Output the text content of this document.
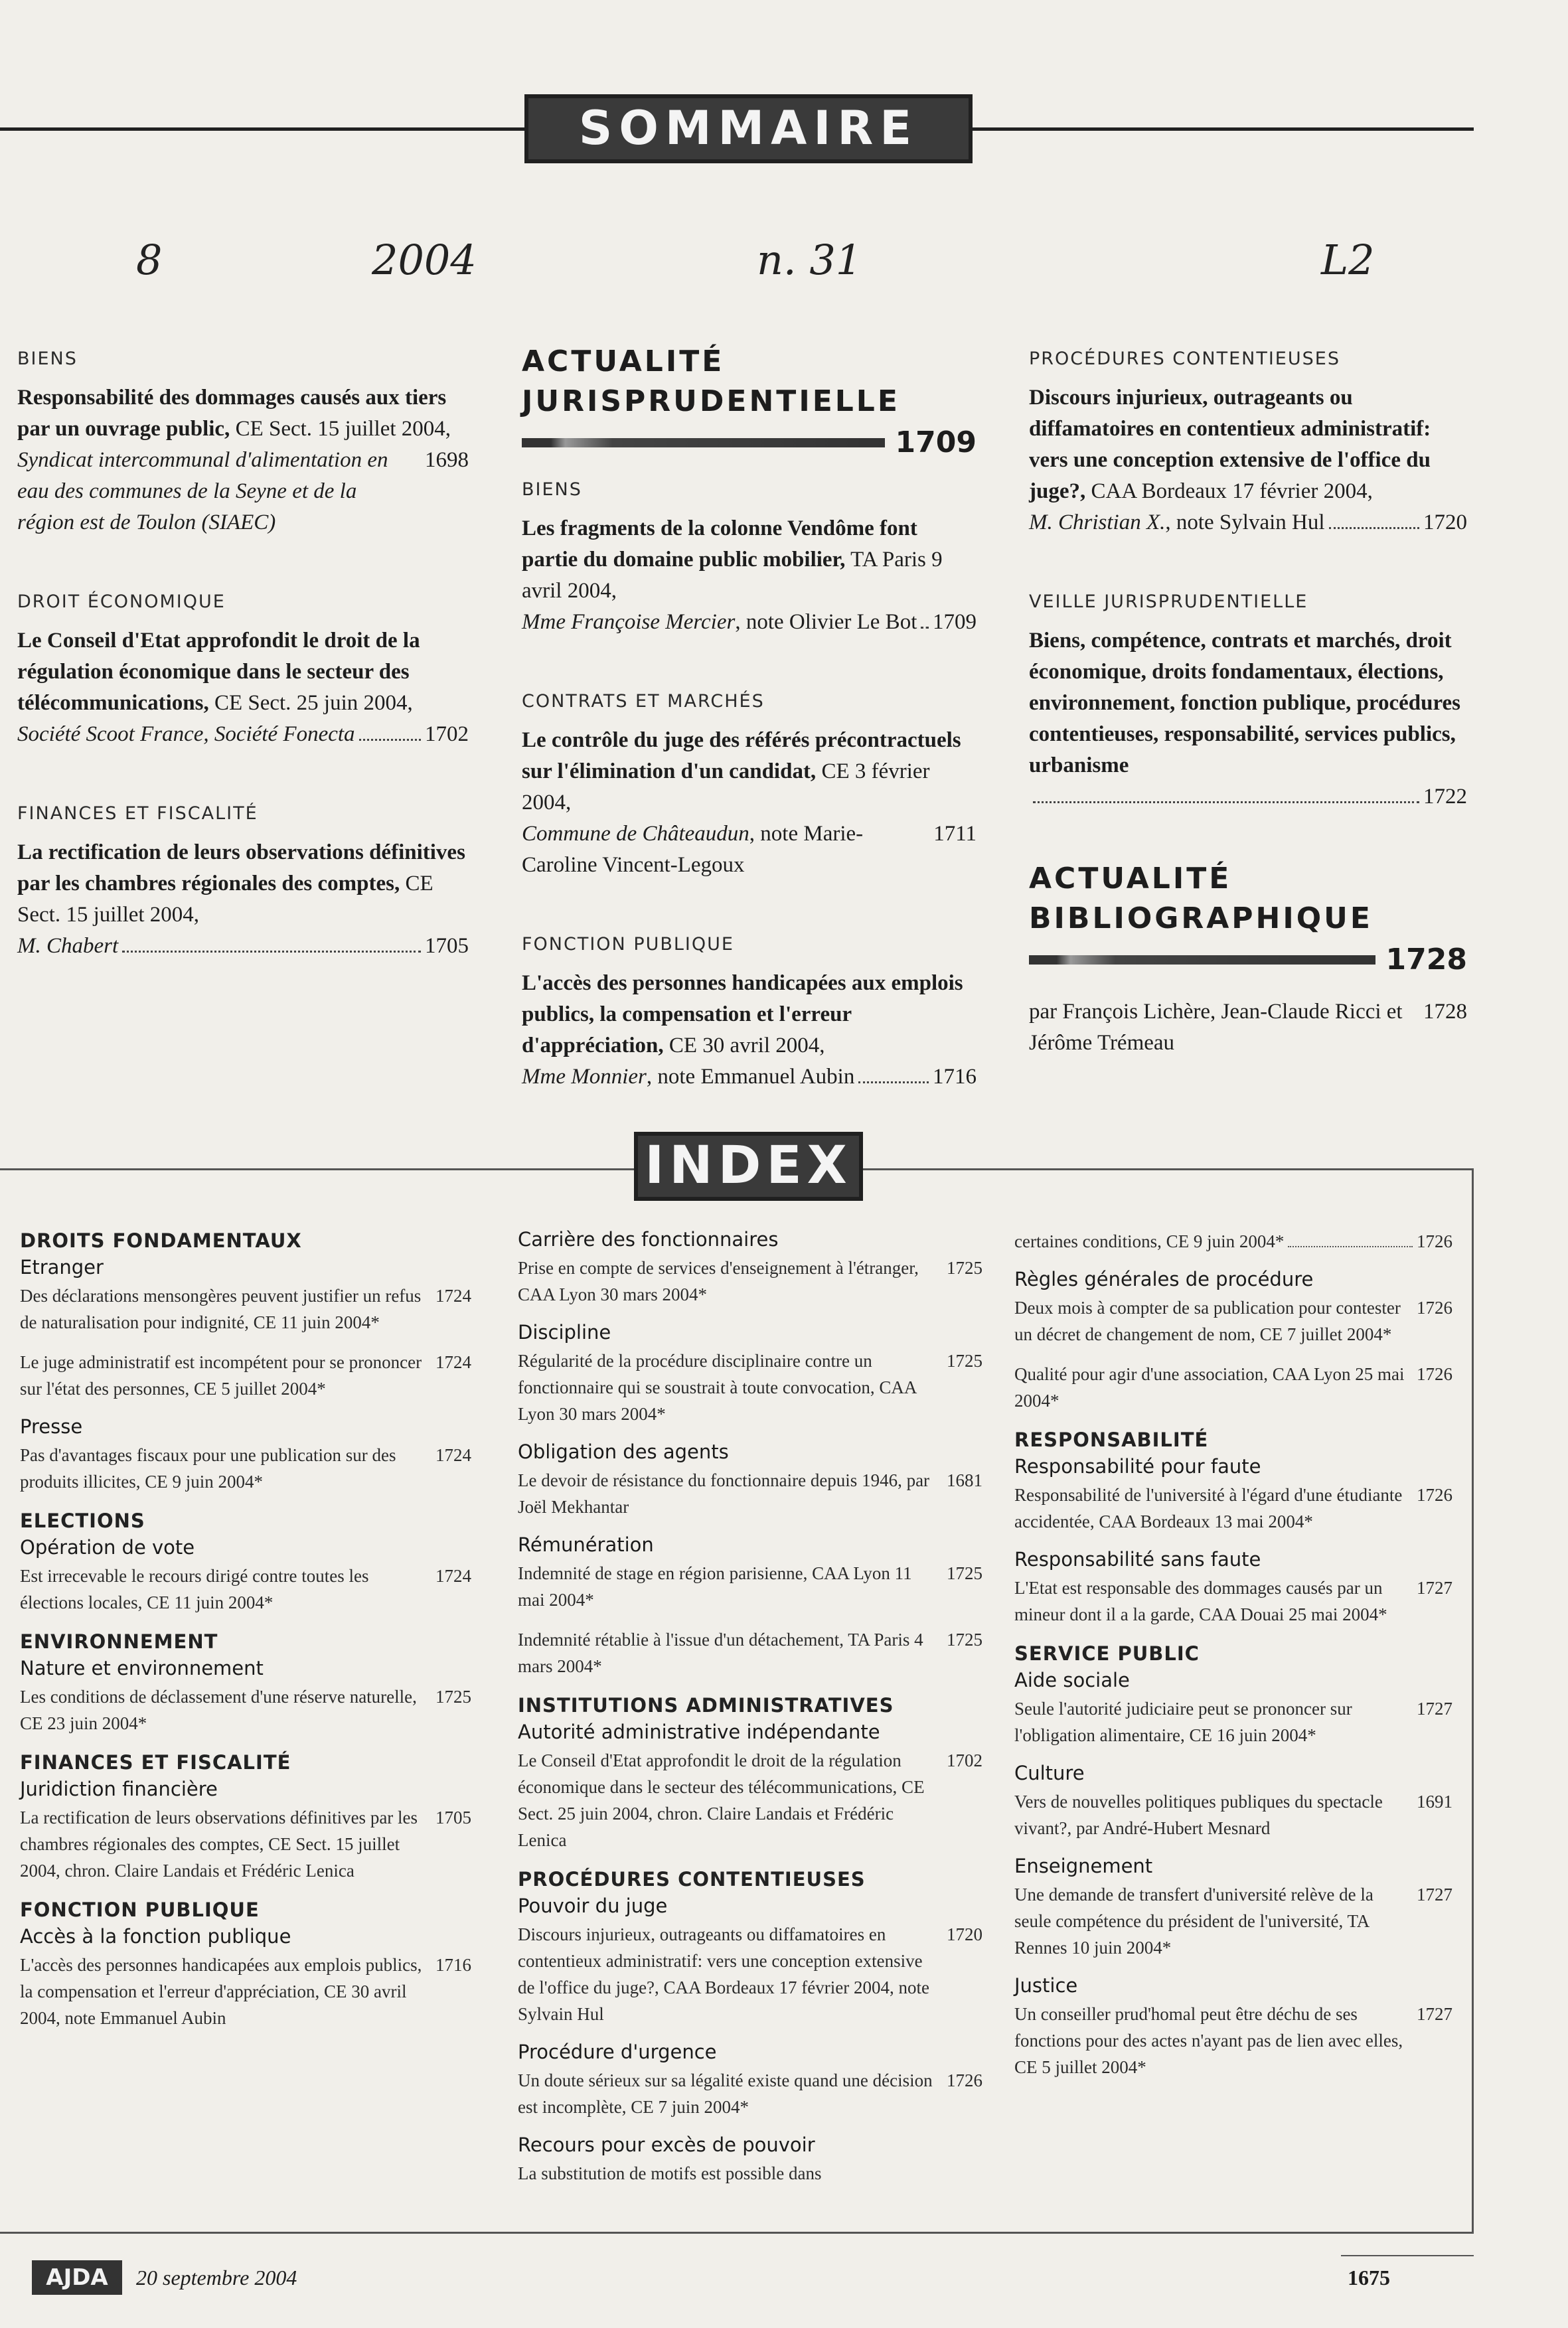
8	2004	n. 31	L2
SOMMAIRE
BIENS
Responsabilité des dommages causés aux tiers par un ouvrage public, CE Sect. 15 juillet 2004,
Syndicat intercommunal d'alimentation en eau des communes de la Seyne et de la région est de Toulon (SIAEC)
1698
DROIT ÉCONOMIQUE
Le Conseil d'Etat approfondit le droit de la régulation économique dans le secteur des télécommunications, CE Sect. 25 juin 2004,
Société Scoot France, Société Fonecta	1702
FINANCES ET FISCALITÉ
La rectification de leurs observations définitives par les chambres régionales des comptes, CE Sect. 15 juillet 2004,
M. Chabert	1705
ACTUALITÉ
JURISPRUDENTIELLE
1709
BIENS
Les fragments de la colonne Vendôme font partie du domaine public mobilier, TA Paris 9 avril 2004,
Mme Françoise Mercier, note Olivier Le Bot 1709
CONTRATS ET MARCHÉS
Le contrôle du juge des référés précontractuels sur l'élimination d'un candidat, CE 3 février 2004,
Commune de Châteaudun, note Marie-Caroline Vincent-Legoux
1711
FONCTION PUBLIQUE
L'accès des personnes handicapées aux emplois publics, la compensation et l'erreur d'appréciation, CE 30 avril 2004,
Mme Monnier, note Emmanuel Aubin	1716
PROCÉDURES CONTENTIEUSES
Discours injurieux, outrageants ou diffamatoires en contentieux administratif: vers une conception extensive de l'office du juge?, CAA Bordeaux 17 février 2004,
M. Christian X., note Sylvain Hul	1720
VEILLE JURISPRUDENTIELLE
Biens, compétence, contrats et marchés, droit économique, droits fondamentaux, élections, environnement, fonction publique, procédures contentieuses, responsabilité, services publics, urbanisme
1722
ACTUALITÉ
BIBLIOGRAPHIQUE
1728
par François Lichère, Jean-Claude Ricci et Jérôme Trémeau
1728
INDEX
DROITS FONDAMENTAUX
Etranger
Des déclarations mensongères peuvent justifier un refus de naturalisation pour indignité, CE 11 juin 2004*
1724
Le juge administratif est incompétent pour se prononcer sur l'état des personnes, CE 5 juillet 2004*
1724
Presse
Pas d'avantages fiscaux pour une publication sur des produits illicites, CE 9 juin 2004*
1724
ELECTIONS
Opération de vote
Est irrecevable le recours dirigé contre toutes les élections locales, CE 11 juin 2004*
1724
ENVIRONNEMENT
Nature et environnement
Les conditions de déclassement d'une réserve naturelle, CE 23 juin 2004*
1725
FINANCES ET FISCALITÉ
Juridiction financière
La rectification de leurs observations définitives par les chambres régionales des comptes, CE Sect. 15 juillet 2004, chron. Claire Landais et Frédéric Lenica
1705
FONCTION PUBLIQUE
Accès à la fonction publique
L'accès des personnes handicapées aux emplois publics, la compensation et l'erreur d'appréciation, CE 30 avril 2004, note Emmanuel Aubin
1716
Carrière des fonctionnaires
Prise en compte de services d'enseignement à l'étranger, CAA Lyon 30 mars 2004*
1725
Discipline
Régularité de la procédure disciplinaire contre un fonctionnaire qui se soustrait à toute convocation, CAA Lyon 30 mars 2004*
1725
Obligation des agents
Le devoir de résistance du fonctionnaire depuis 1946, par Joël Mekhantar
1681
Rémunération
Indemnité de stage en région parisienne, CAA Lyon 11 mai 2004*
1725
Indemnité rétablie à l'issue d'un détachement, TA Paris 4 mars 2004*
1725
INSTITUTIONS ADMINISTRATIVES
Autorité administrative indépendante
Le Conseil d'Etat approfondit le droit de la régulation économique dans le secteur des télécommunications, CE Sect. 25 juin 2004, chron. Claire Landais et Frédéric Lenica
1702
PROCÉDURES CONTENTIEUSES
Pouvoir du juge
Discours injurieux, outrageants ou diffamatoires en contentieux administratif: vers une conception extensive de l'office du juge?, CAA Bordeaux 17 février 2004, note Sylvain Hul
1720
Procédure d'urgence
Un doute sérieux sur sa légalité existe quand une décision est incomplète, CE 7 juin 2004*
1726
Recours pour excès de pouvoir
La substitution de motifs est possible dans
certaines conditions, CE 9 juin 2004*	1726
Règles générales de procédure
Deux mois à compter de sa publication pour contester un décret de changement de nom, CE 7 juillet 2004*
1726
Qualité pour agir d'une association, CAA Lyon 25 mai 2004*
1726
RESPONSABILITÉ
Responsabilité pour faute
Responsabilité de l'université à l'égard d'une étudiante accidentée, CAA Bordeaux 13 mai 2004*
1726
Responsabilité sans faute
L'Etat est responsable des dommages causés par un mineur dont il a la garde, CAA Douai 25 mai 2004*
1727
SERVICE PUBLIC
Aide sociale
Seule l'autorité judiciaire peut se prononcer sur l'obligation alimentaire, CE 16 juin 2004*
1727
Culture
Vers de nouvelles politiques publiques du spectacle vivant?, par André-Hubert Mesnard
1691
Enseignement
Une demande de transfert d'université relève de la seule compétence du président de l'université, TA Rennes 10 juin 2004*
1727
Justice
Un conseiller prud'homal peut être déchu de ses fonctions pour des actes n'ayant pas de lien avec elles, CE 5 juillet 2004*
1727
AJDA	20 septembre 2004	1675
